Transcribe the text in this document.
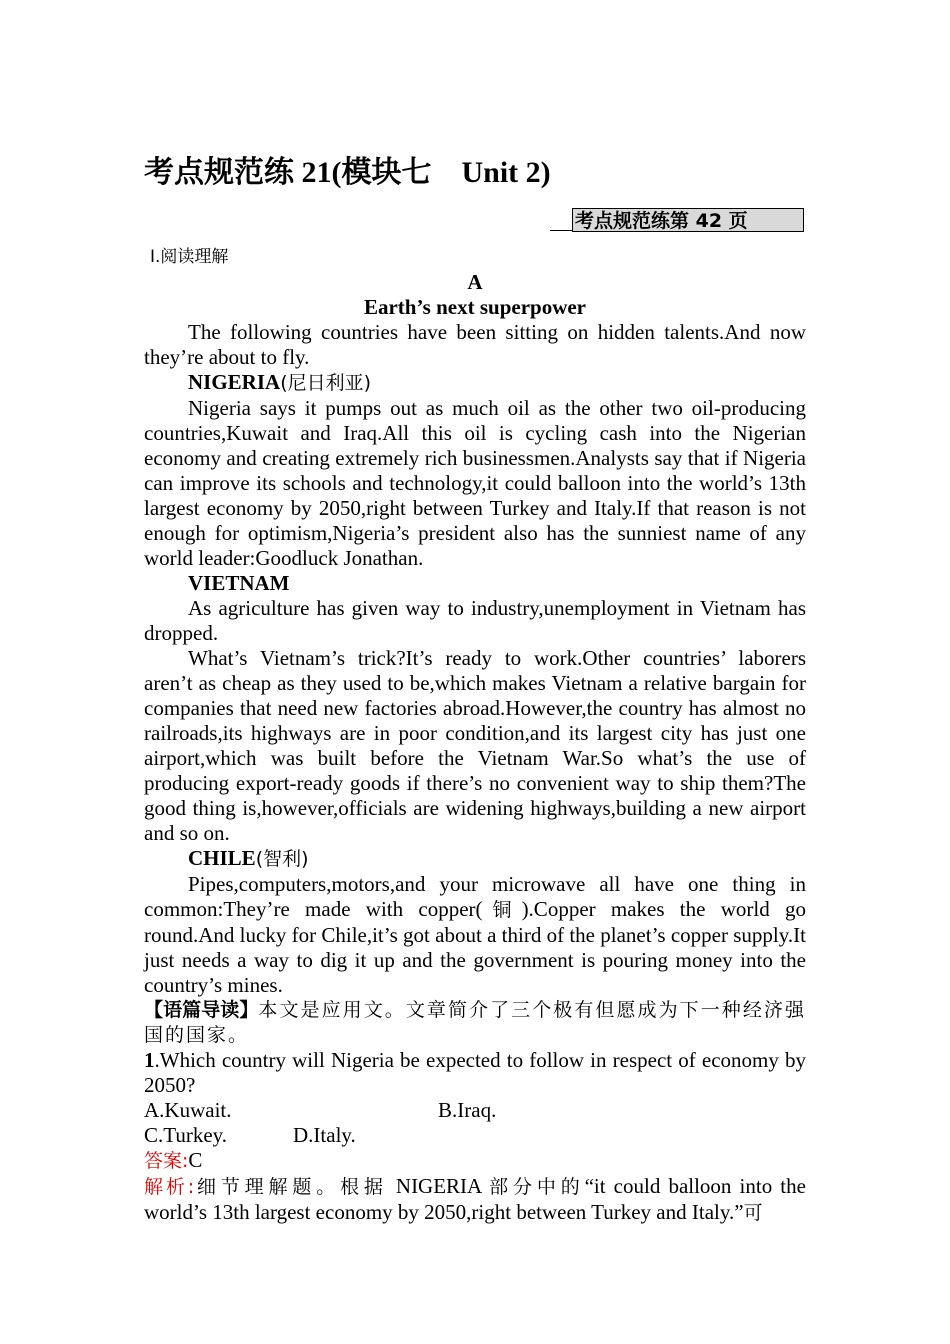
考点规范练 21(模块七    Unit 2)
考点规范练第 42 页
Ⅰ.阅读理解

A

Earth’s next superpower

The following countries have been sitting on hidden talents.And now they’re about to fly.

NIGERIA(尼日利亚)

Nigeria says it pumps out as much oil as the other two oil-producing countries,Kuwait and Iraq.All this oil is cycling cash into the Nigerian economy and creating extremely rich businessmen.Analysts say that if Nigeria can improve its schools and technology,it could balloon into the world’s 13th largest economy by 2050,right between Turkey and Italy.If that reason is not enough for optimism,Nigeria’s president also has the sunniest name of any world leader:Goodluck Jonathan.

VIETNAM

As agriculture has given way to industry,unemployment in Vietnam has dropped.

What’s Vietnam’s trick?It’s ready to work.Other countries’ laborers aren’t as cheap as they used to be,which makes Vietnam a relative bargain for companies that need new factories abroad.However,the country has almost no railroads,its highways are in poor condition,and its largest city has just one airport,which was built before the Vietnam War.So what’s the use of producing export-ready goods if there’s no convenient way to ship them?The good thing is,however,officials are widening highways,building a new airport and so on.

CHILE(智利)

Pipes,computers,motors,and your microwave all have one thing in common:They’re made with copper(铜).Copper makes the world go round.And lucky for Chile,it’s got about a third of the planet’s copper supply.It just needs a way to dig it up and the government is pouring money into the country’s mines.

【语篇导读】本文是应用文。文章简介了三个极有但愿成为下一种经济强国的国家。

1.Which country will Nigeria be expected to follow in respect of economy by 2050?

A.Kuwait.	B.Iraq.
C.Turkey.	D.Italy.

答案:C

解析:细节理解题。根据 NIGERIA 部分中的“it could balloon into the world’s 13th largest economy by 2050,right between Turkey and Italy.”可
